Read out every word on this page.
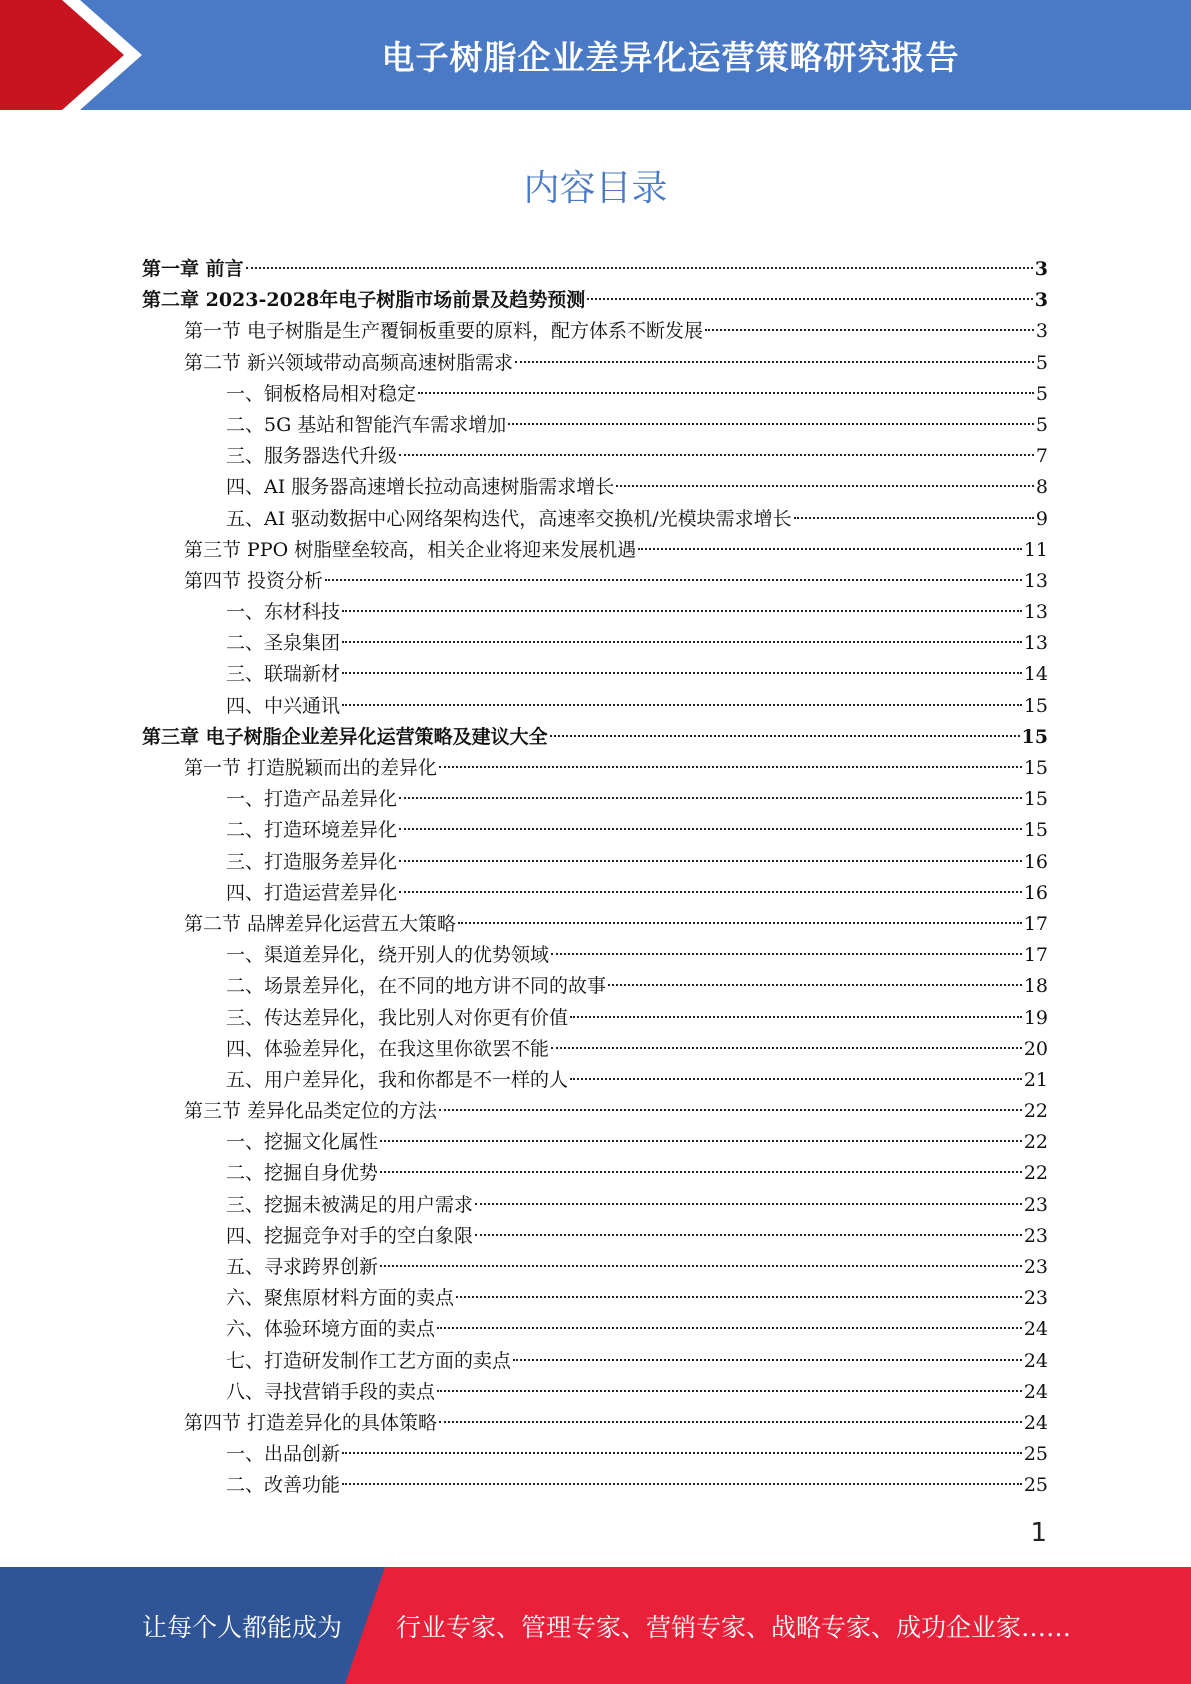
电子树脂企业差异化运营策略研究报告
内容目录
第一章 前言	3
第二章 2023-2028年电子树脂市场前景及趋势预测	3
第一节 电子树脂是生产覆铜板重要的原料，配方体系不断发展	3
第二节 新兴领域带动高频高速树脂需求	5
一、铜板格局相对稳定	5
二、5G 基站和智能汽车需求增加	5
三、服务器迭代升级	7
四、AI 服务器高速增长拉动高速树脂需求增长	8
五、AI 驱动数据中心网络架构迭代，高速率交换机/光模块需求增长	9
第三节 PPO 树脂壁垒较高，相关企业将迎来发展机遇	11
第四节 投资分析	13
一、东材科技	13
二、圣泉集团	13
三、联瑞新材	14
四、中兴通讯	15
第三章 电子树脂企业差异化运营策略及建议大全	15
第一节 打造脱颖而出的差异化	15
一、打造产品差异化	15
二、打造环境差异化	15
三、打造服务差异化	16
四、打造运营差异化	16
第二节 品牌差异化运营五大策略	17
一、渠道差异化，绕开别人的优势领域	17
二、场景差异化，在不同的地方讲不同的故事	18
三、传达差异化，我比别人对你更有价值	19
四、体验差异化，在我这里你欲罢不能	20
五、用户差异化，我和你都是不一样的人	21
第三节 差异化品类定位的方法	22
一、挖掘文化属性	22
二、挖掘自身优势	22
三、挖掘未被满足的用户需求	23
四、挖掘竞争对手的空白象限	23
五、寻求跨界创新	23
六、聚焦原材料方面的卖点	23
六、体验环境方面的卖点	24
七、打造研发制作工艺方面的卖点	24
八、寻找营销手段的卖点	24
第四节 打造差异化的具体策略	24
一、出品创新	25
二、改善功能	25
1
让每个人都能成为 行业专家、管理专家、营销专家、战略专家、成功企业家……
